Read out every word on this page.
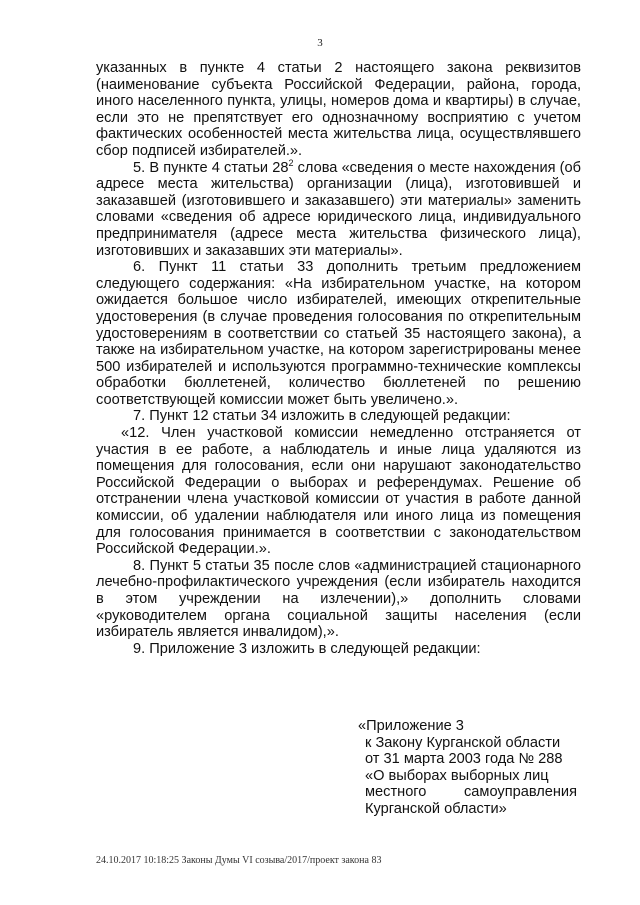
3

указанных в пункте 4 статьи 2 настоящего закона реквизитов (наименование субъекта Российской Федерации, района, города, иного населенного пункта, улицы, номеров дома и квартиры) в случае, если это не препятствует его однозначному восприятию с учетом фактических особенностей места жительства лица, осуществлявшего сбор подписей избирателей.».

5. В пункте 4 статьи $28^2$ слова «сведения о месте нахождения (об адресе места жительства) организации (лица), изготовившей и заказавшей (изготовившего и заказавшего) эти материалы» заменить словами «сведения об адресе юридического лица, индивидуального предпринимателя (адресе места жительства физического лица), изготовивших и заказавших эти материалы».

6. Пункт 11 статьи 33 дополнить третьим предложением следующего содержания: «На избирательном участке, на котором ожидается большое число избирателей, имеющих открепительные удостоверения (в случае проведения голосования по открепительным удостоверениям в соответствии со статьей 35 настоящего закона), а также на избирательном участке, на котором зарегистрированы менее 500 избирателей и используются программно-технические комплексы обработки бюллетеней, количество бюллетеней по решению соответствующей комиссии может быть увеличено.».

7. Пункт 12 статьи 34 изложить в следующей редакции:

«12. Член участковой комиссии немедленно отстраняется от участия в ее работе, а наблюдатель и иные лица удаляются из помещения для голосования, если они нарушают законодательство Российской Федерации о выборах и референдумах. Решение об отстранении члена участковой комиссии от участия в работе данной комиссии, об удалении наблюдателя или иного лица из помещения для голосования принимается в соответствии с законодательством Российской Федерации.».

8. Пункт 5 статьи 35 после слов «администрацией стационарного лечебно-профилактического учреждения (если избиратель находится в этом учреждении на излечении),» дополнить словами «руководителем органа социальной защиты населения (если избиратель является инвалидом),».

9. Приложение 3 изложить в следующей редакции:

«Приложение 3
к Закону Курганской области
от 31 марта 2003 года № 288
«О выборах выборных лиц
местного самоуправления
Курганской области»
24.10.2017 10:18:25 Законы Думы VI созыва/2017/проект закона 83
